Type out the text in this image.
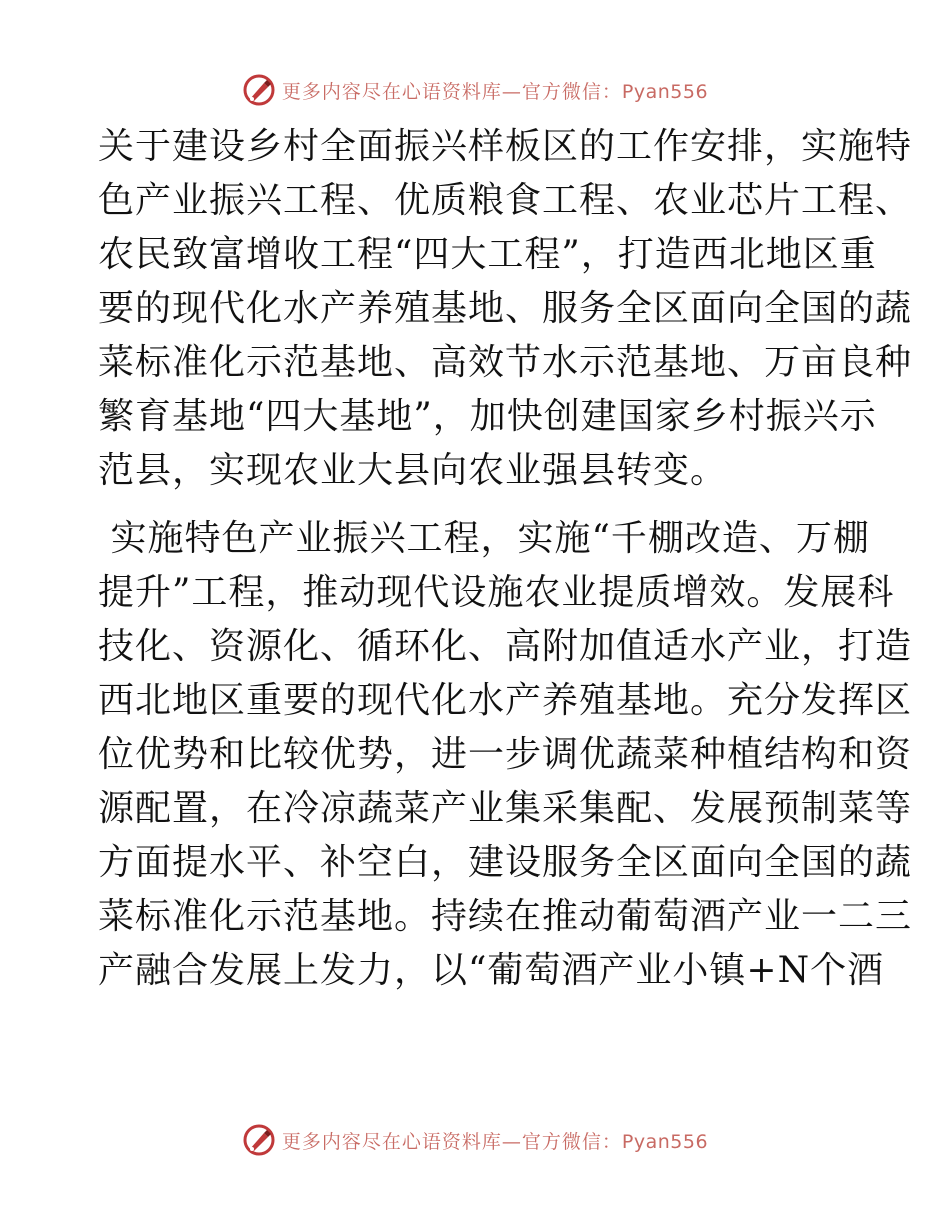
更多内容尽在心语资料库—官方微信：Pyan556
关于建设乡村全面振兴样板区的工作安排，实施特
色产业振兴工程、优质粮食工程、农业芯片工程、
农民致富增收工程“四大工程”，打造西北地区重
要的现代化水产养殖基地、服务全区面向全国的蔬
菜标准化示范基地、高效节水示范基地、万亩良种
繁育基地“四大基地”，加快创建国家乡村振兴示
范县，实现农业大县向农业强县转变。
实施特色产业振兴工程，实施“千棚改造、万棚
提升”工程，推动现代设施农业提质增效。发展科
技化、资源化、循环化、高附加值适水产业，打造
西北地区重要的现代化水产养殖基地。充分发挥区
位优势和比较优势，进一步调优蔬菜种植结构和资
源配置，在冷凉蔬菜产业集采集配、发展预制菜等
方面提水平、补空白，建设服务全区面向全国的蔬
菜标准化示范基地。持续在推动葡萄酒产业一二三
产融合发展上发力，以“葡萄酒产业小镇+N个酒
更多内容尽在心语资料库—官方微信：Pyan556
